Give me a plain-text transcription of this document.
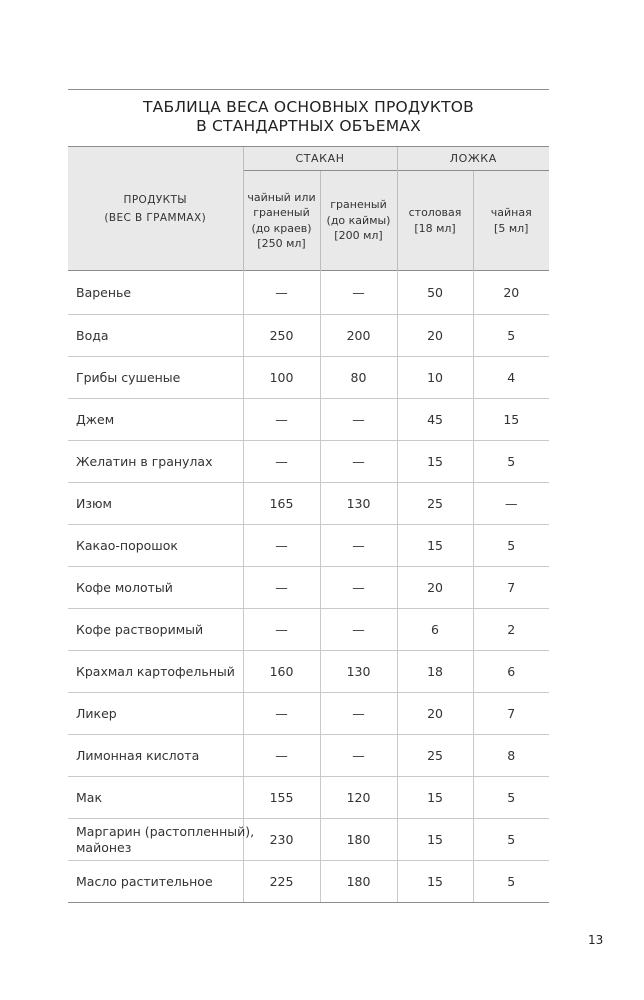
ТАБЛИЦА ВЕСА ОСНОВНЫХ ПРОДУКТОВ
В СТАНДАРТНЫХ ОБЪЕМАХ
ПРОДУКТЫ
(ВЕС В ГРАММАХ)	СТАКАН		ЛОЖКА	

	чайный или
граненый
(до краев)
[250 мл]	граненый
(до каймы)
[200 мл]	столовая
[18 мл]	чайная
[5 мл]

Варенье	—	—	50	20

Вода	250	200	20	5

Грибы сушеные	100	80	10	4

Джем	—	—	45	15

Желатин в гранулах	—	—	15	5

Изюм	165	130	25	—

Какао-порошок	—	—	15	5

Кофе молотый	—	—	20	7

Кофе растворимый	—	—	6	2

Крахмал картофельный	160	130	18	6

Ликер	—	—	20	7

Лимонная кислота	—	—	25	8

Мак	155	120	15	5

Маргарин (растопленный),
майонез	230	180	15	5

Масло растительное	225	180	15	5
13
